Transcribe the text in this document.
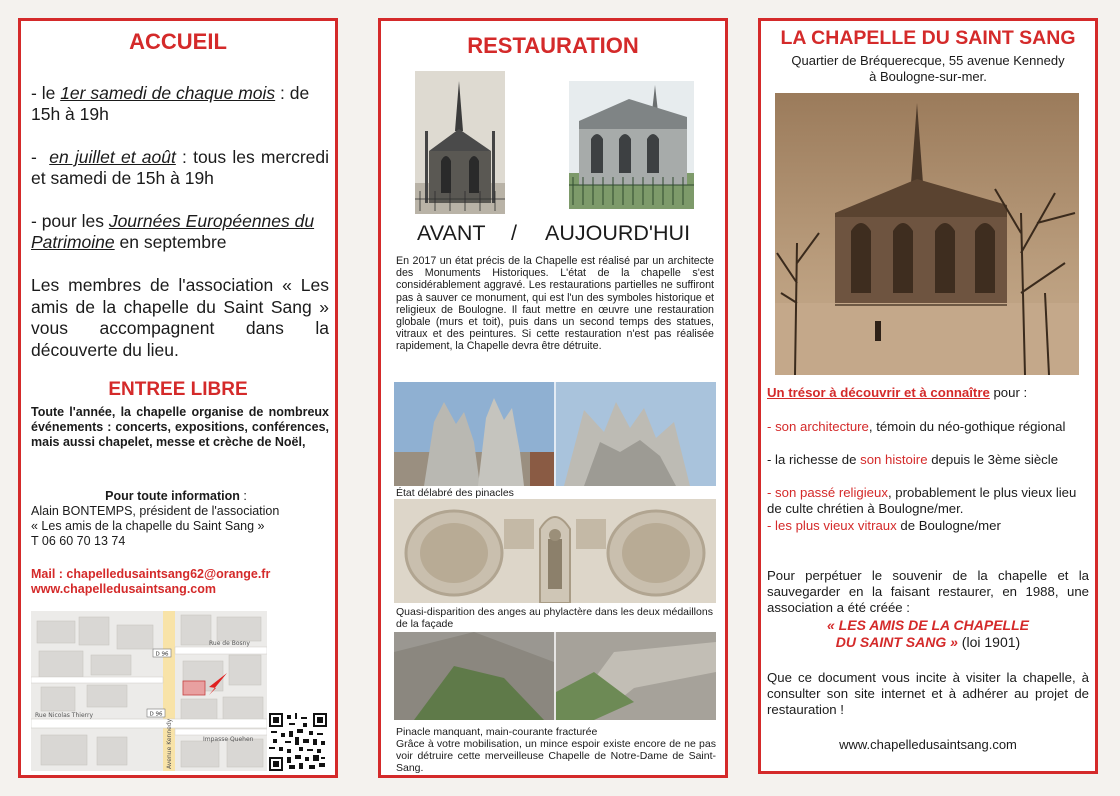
ACCUEIL
- le 1er samedi de chaque mois : de 15h à 19h
-  en juillet et août : tous les mercredi et samedi de 15h à 19h
- pour les Journées Européennes du Patrimoine en septembre
Les membres de l'association « Les amis de la chapelle du Saint Sang » vous accompagnent dans la découverte du lieu.
ENTREE LIBRE
Toute l'année, la chapelle organise de nombreux événements : concerts, expositions, conférences, mais aussi chapelet, messe et crèche de Noël,
Pour toute information :
Alain BONTEMPS, président de l'association
« Les amis de la chapelle du Saint Sang »
T 06 60 70 13 74
Mail : chapelledusaintsang62@orange.fr
www.chapelledusaintsang.com
D 96
D 96
Rue de Bosny
Rue Nicolas Thierry
Impasse Quehen
Avenue Kennedy
RESTAURATION
AVANT / AUJOURD'HUI
En 2017 un état précis de la Chapelle est réalisé par un architecte des Monuments Historiques. L'état de la chapelle s'est considérablement aggravé. Les restaurations partielles ne suffiront pas à sauver ce monument, qui est l'un des symboles historique et religieux de Boulogne. Il faut mettre en œuvre une restauration globale (murs et toit), puis dans un second temps des statues, vitraux et des peintures. Si cette restauration n'est pas réalisée rapidement, la Chapelle devra être détruite.
État délabré des pinacles
Quasi-disparition des anges au phylactère dans les deux médaillons de la façade
Pinacle manquant, main-courante fracturée
Grâce à votre mobilisation, un mince espoir existe encore de ne pas voir détruire cette merveilleuse Chapelle de Notre-Dame de Saint-Sang.
LA CHAPELLE DU SAINT SANG
Quartier de Bréquerecque, 55 avenue Kennedy
à Boulogne-sur-mer.
Un trésor à découvrir et à connaître pour :
- son architecture, témoin du néo-gothique régional
- la richesse de son histoire depuis le 3ème siècle
- son passé religieux, probablement le plus vieux lieu de culte chrétien à Boulogne/mer.
- les plus vieux vitraux de Boulogne/mer
Pour perpétuer le souvenir de la chapelle et la sauvegarder en la faisant restaurer, en 1988, une association a été créée :
« LES AMIS DE LA CHAPELLE
DU SAINT SANG » (loi 1901)
Que ce document vous incite à visiter la chapelle, à consulter son site internet et à adhérer au projet de restauration !
www.chapelledusaintsang.com
